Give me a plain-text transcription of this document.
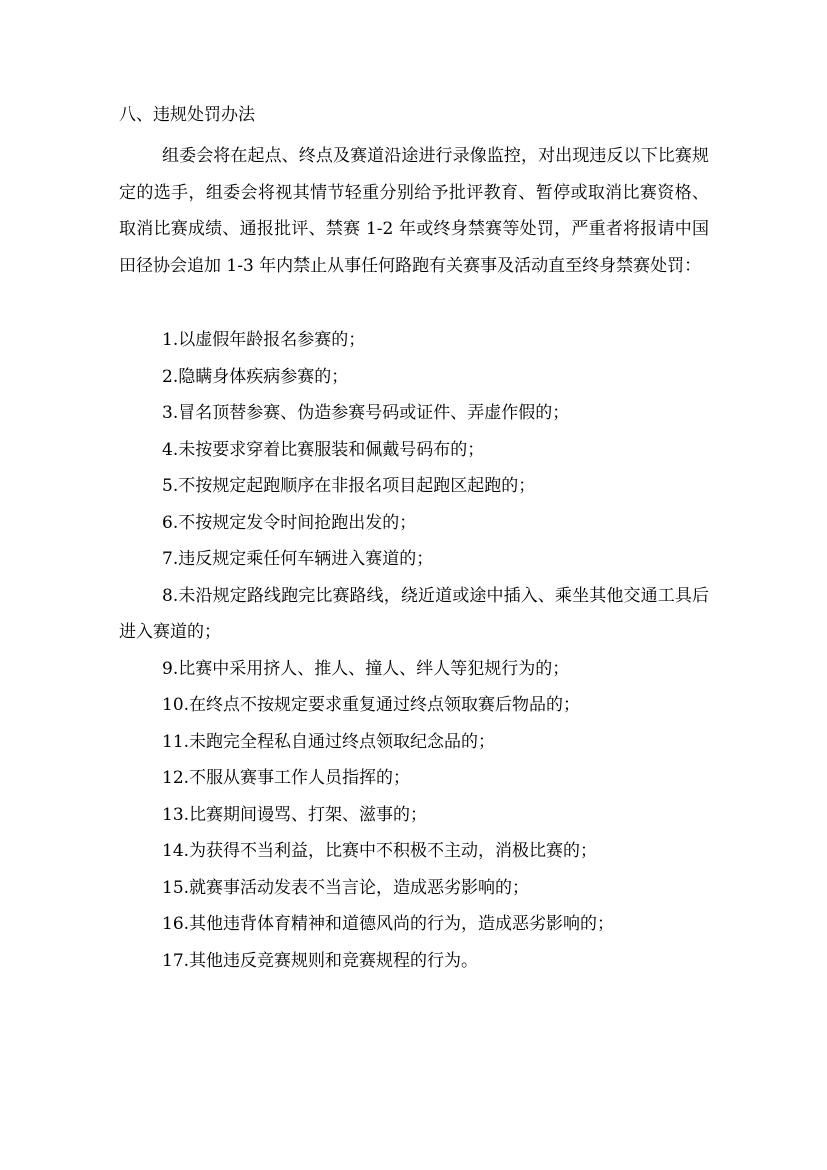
八、违规处罚办法

组委会将在起点、终点及赛道沿途进行录像监控，对出现违反以下比赛规定的选手，组委会将视其情节轻重分别给予批评教育、暂停或取消比赛资格、取消比赛成绩、通报批评、禁赛 1-2 年或终身禁赛等处罚，严重者将报请中国田径协会追加 1-3 年内禁止从事任何路跑有关赛事及活动直至终身禁赛处罚：

1.以虚假年龄报名参赛的；
2.隐瞒身体疾病参赛的；
3.冒名顶替参赛、伪造参赛号码或证件、弄虚作假的；
4.未按要求穿着比赛服装和佩戴号码布的；
5.不按规定起跑顺序在非报名项目起跑区起跑的；
6.不按规定发令时间抢跑出发的；
7.违反规定乘任何车辆进入赛道的；
8.未沿规定路线跑完比赛路线，绕近道或途中插入、乘坐其他交通工具后进入赛道的；
9.比赛中采用挤人、推人、撞人、绊人等犯规行为的；
10.在终点不按规定要求重复通过终点领取赛后物品的；
11.未跑完全程私自通过终点领取纪念品的；
12.不服从赛事工作人员指挥的；
13.比赛期间谩骂、打架、滋事的；
14.为获得不当利益，比赛中不积极不主动，消极比赛的；
15.就赛事活动发表不当言论，造成恶劣影响的；
16.其他违背体育精神和道德风尚的行为，造成恶劣影响的；
17.其他违反竞赛规则和竞赛规程的行为。
